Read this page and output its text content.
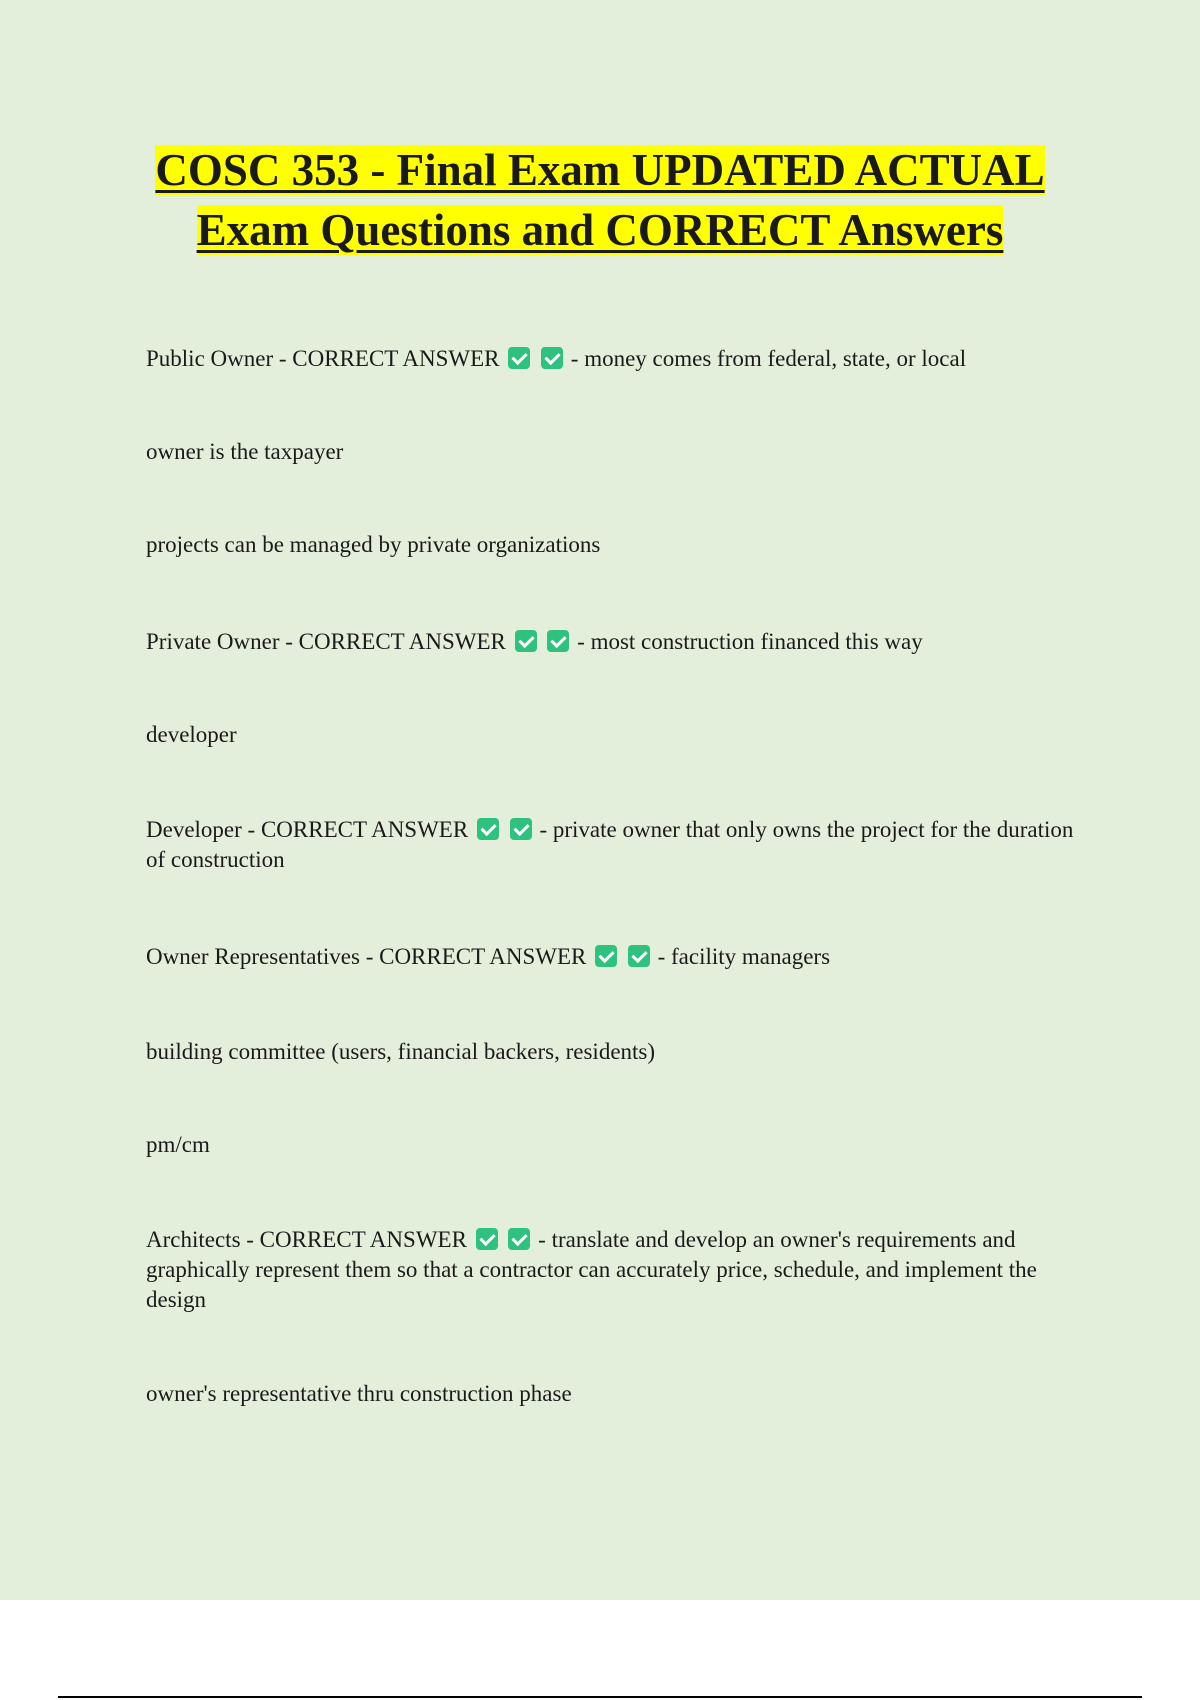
COSC 353 - Final Exam UPDATED ACTUAL Exam Questions and CORRECT Answers

Public Owner - CORRECT ANSWER	- money comes from federal, state, or local

owner is the taxpayer

projects can be managed by private organizations

Private Owner - CORRECT ANSWER	- most construction financed this way

developer

Developer - CORRECT ANSWER	- private owner that only owns the project for the duration of construction

Owner Representatives - CORRECT ANSWER	- facility managers

building committee (users, financial backers, residents)

pm/cm

Architects - CORRECT ANSWER	- translate and develop an owner's requirements and graphically represent them so that a contractor can accurately price, schedule, and implement the design

owner's representative thru construction phase
